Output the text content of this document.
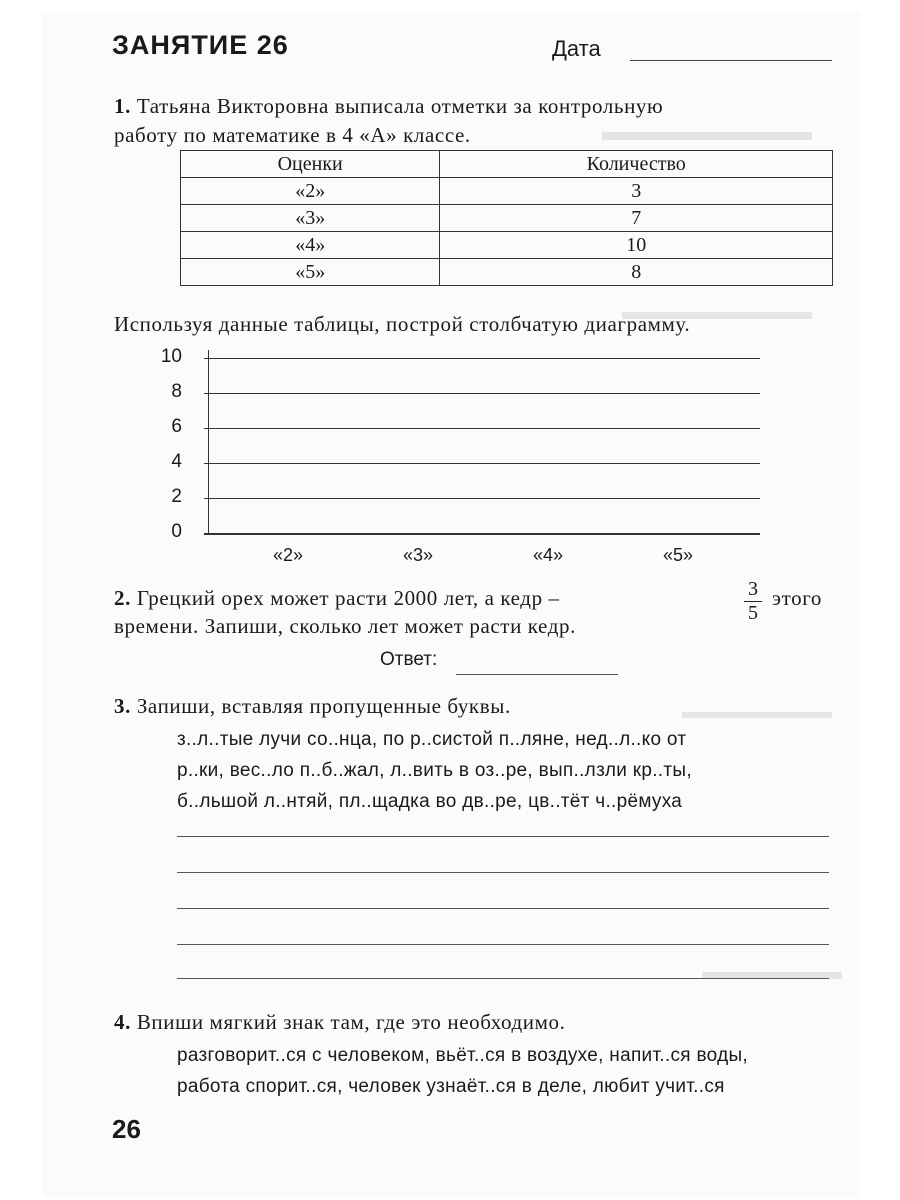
ЗАНЯТИЕ 26	Дата
1. Татьяна Викторовна выписала отметки за контрольную
работу по математике в 4 «А» классе.
Оценки	Количество
«2»	3
«3»	7
«4»	10
«5»	8
Используя данные таблицы, построй столбчатую диаграмму.
10
8
6
4
2
0
«2»	«3»	«4»	«5»
2. Грецкий орех может расти 2000 лет, а кедр –	3
5
этого
времени. Запиши, сколько лет может расти кедр.
Ответ:
3. Запиши, вставляя пропущенные буквы.
з..л..тые лучи со..нца, по р..систой п..ляне, нед..л..ко от
р..ки, вес..ло п..б..жал, л..вить в оз..ре, вып..лзли кр..ты,
б..льшой л..нтяй, пл..щадка во дв..ре, цв..тёт ч..рёмуха
4. Впиши мягкий знак там, где это необходимо.
разговорит..ся с человеком, вьёт..ся в воздухе, напит..ся воды,
работа спорит..ся, человек узнаёт..ся в деле, любит учит..ся
26
